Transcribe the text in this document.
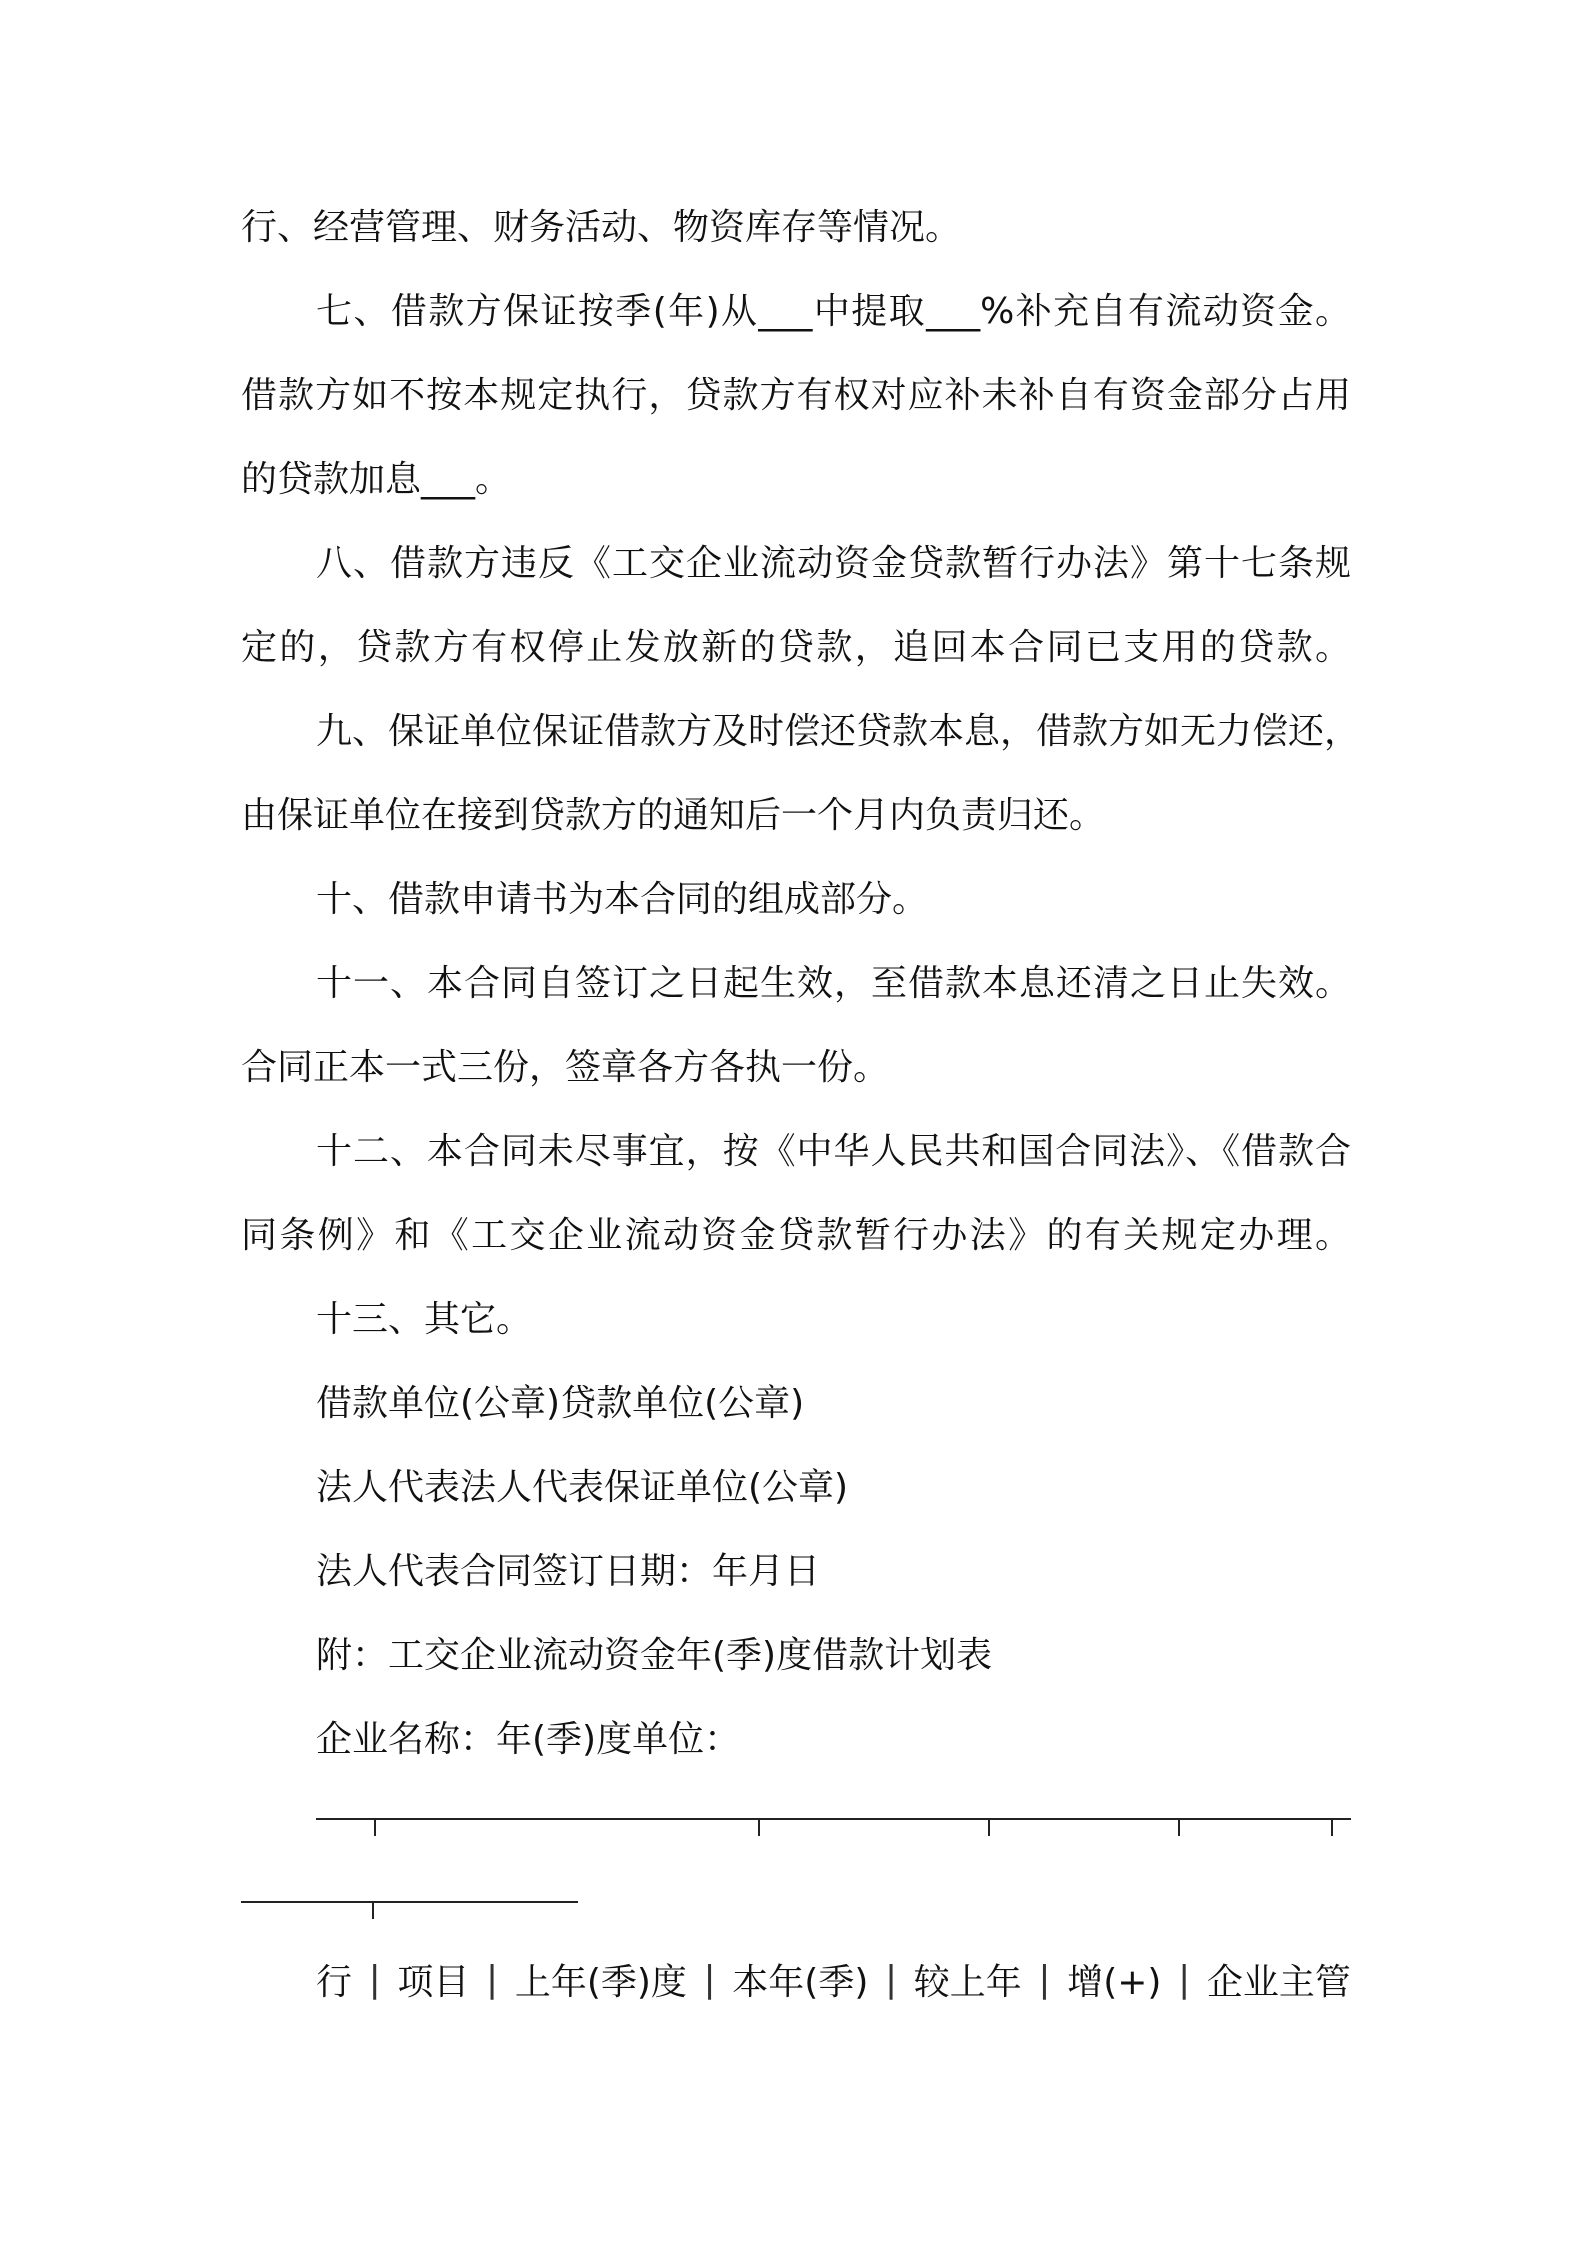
行、经营管理、财务活动、物资库存等情况。
七、借款方保证按季(年)从___中提取___%补充自有流动资金。
借款方如不按本规定执行，贷款方有权对应补未补自有资金部分占用
的贷款加息___。
八、借款方违反《工交企业流动资金贷款暂行办法》第十七条规
定的，贷款方有权停止发放新的贷款，追回本合同已支用的贷款。
九、保证单位保证借款方及时偿还贷款本息，借款方如无力偿还，
由保证单位在接到贷款方的通知后一个月内负责归还。
十、借款申请书为本合同的组成部分。
十一、本合同自签订之日起生效，至借款本息还清之日止失效。
合同正本一式三份，签章各方各执一份。
十二、本合同未尽事宜，按《中华人民共和国合同法》、《借款合
同条例》和《工交企业流动资金贷款暂行办法》的有关规定办理。
十三、其它。
借款单位(公章)贷款单位(公章)
法人代表法人代表保证单位(公章)
法人代表合同签订日期：年月日
附：工交企业流动资金年(季)度借款计划表
企业名称：年(季)度单位：
行 | 项目 | 上年(季)度 | 本年(季) | 较上年 | 增(+) | 企业主管
